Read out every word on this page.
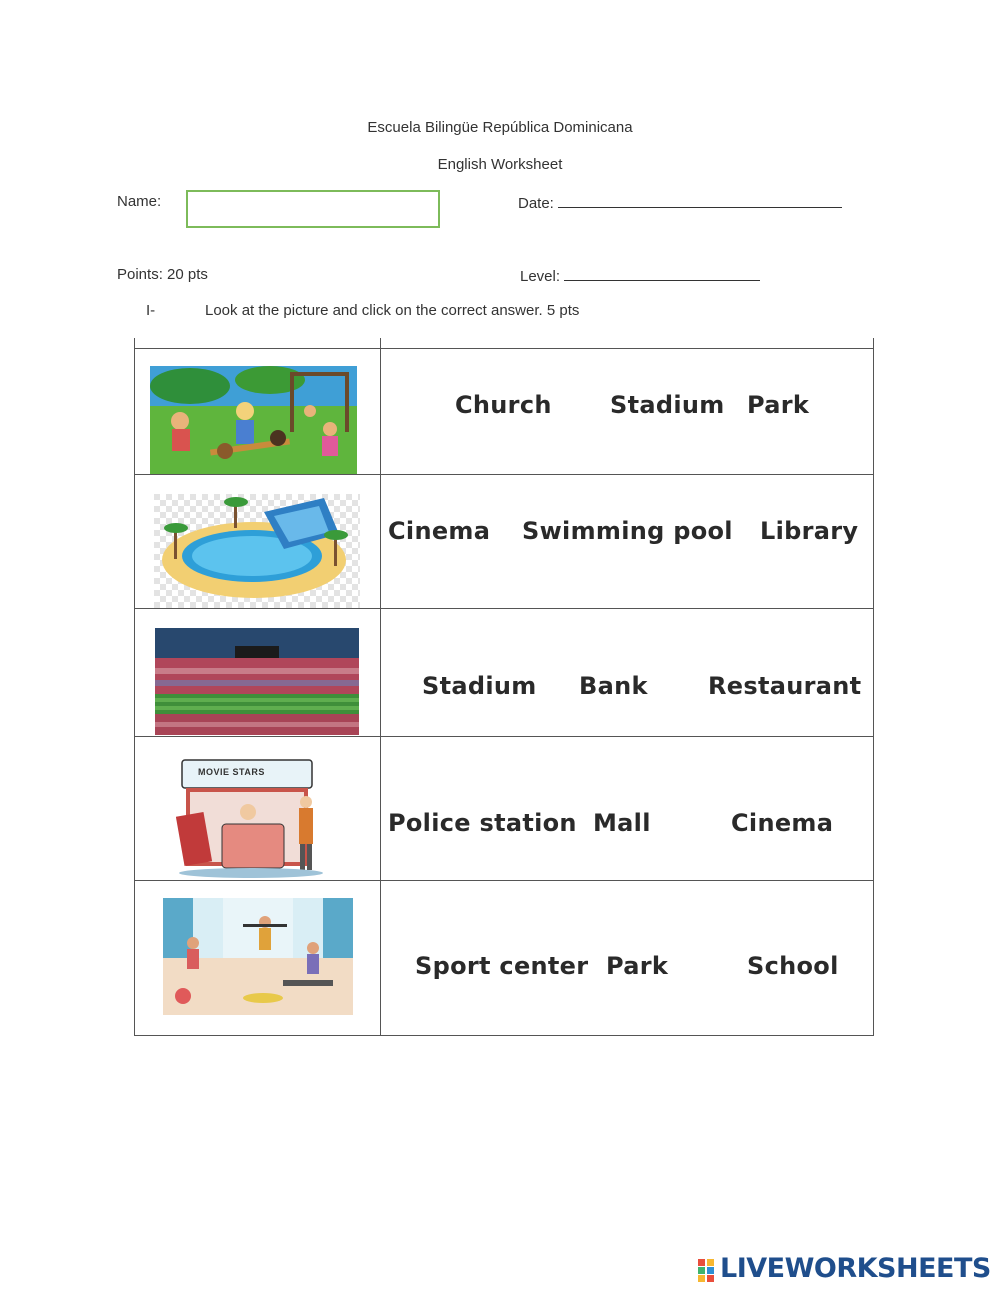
Escuela Bilingüe República Dominicana
English Worksheet
Name:	Date:
Points: 20 pts	Level:
I-	Look at the picture and click on the correct answer. 5 pts
Church Stadium Park
Cinema Swimming pool Library
Stadium Bank	Restaurant
MOVIE STARS
Police station Mall	Cinema
Sport center Park	School
LIVEWORKSHEETS
